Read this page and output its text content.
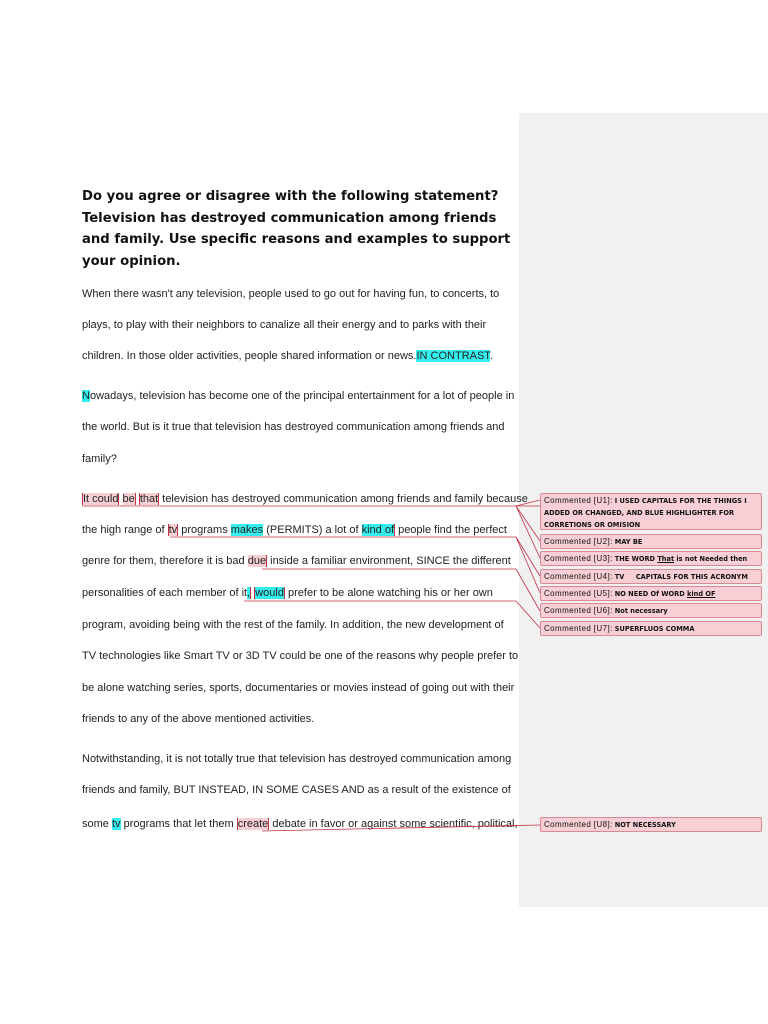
Do you agree or disagree with the following statement? Television has destroyed communication among friends and family. Use specific reasons and examples to support your opinion.
When there wasn't any television, people used to go out for having fun, to concerts, to
plays, to play with their neighbors to canalize all their energy and to parks with their
children. In those older activities, people shared information or news.IN CONTRAST.
Nowadays, television has become one of the principal entertainment for a lot of people in
the world. But is it true that television has destroyed communication among friends and
family?
It could be that television has destroyed communication among friends and family because
the high range of tv programs makes (PERMITS) a lot of kind of people find the perfect
genre for them, therefore it is bad due inside a familiar environment, SINCE the different
personalities of each member of it, would prefer to be alone watching his or her own
program, avoiding being with the rest of the family. In addition, the new development of
TV technologies like Smart TV or 3D TV could be one of the reasons why people prefer to
be alone watching series, sports, documentaries or movies instead of going out with their
friends to any of the above mentioned activities.
Notwithstanding, it is not totally true that television has destroyed communication among
friends and family, BUT INSTEAD, IN SOME CASES AND as a result of the existence of
some tv programs that let them create debate in favor or against some scientific, political,
Commented [U1]: I USED CAPITALS FOR THE THINGS I ADDED OR CHANGED, AND BLUE HIGHLIGHTER FOR CORRETIONS OR OMISION
Commented [U2]: MAY BE
Commented [U3]: THE WORD That is not Needed then
Commented [U4]: TV     CAPITALS FOR THIS ACRONYM
Commented [U5]: NO NEED Of WORD kind OF
Commented [U6]: Not necessary
Commented [U7]: SUPERFLUOS COMMA
Commented [U8]: NOT NECESSARY
